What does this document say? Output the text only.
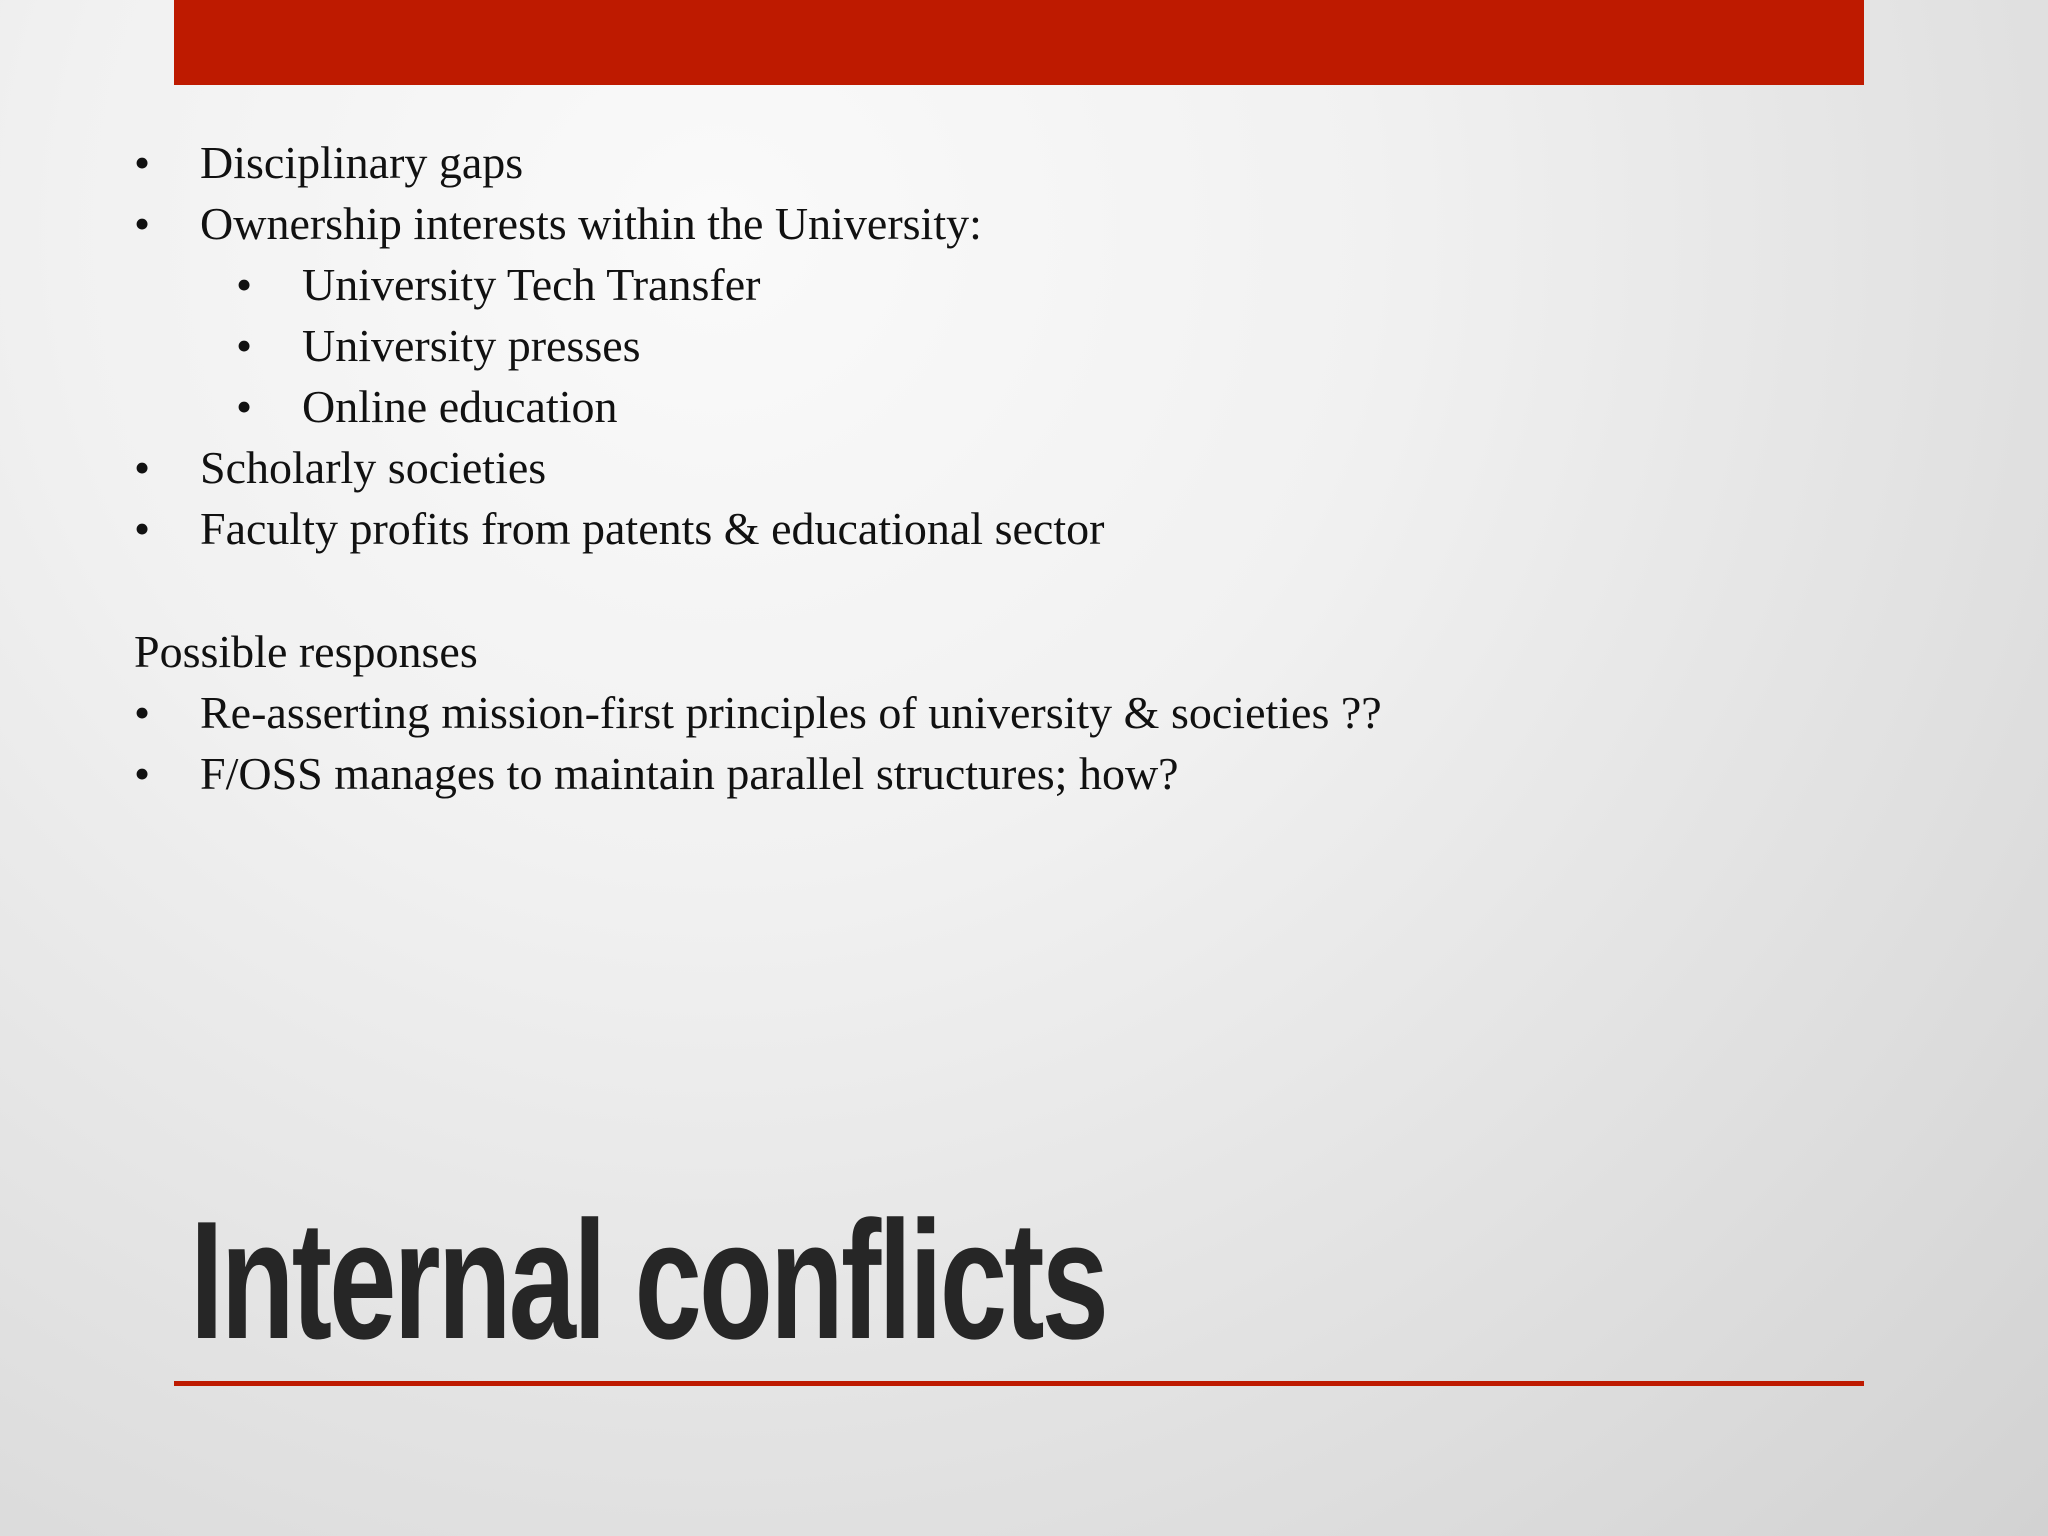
• Disciplinary gaps
• Ownership interests within the University:
• University Tech Transfer
• University presses
• Online education
• Scholarly societies
• Faculty profits from patents & educational sector
Possible responses
• Re-asserting mission-first principles of university & societies ??
• F/OSS manages to maintain parallel structures; how?
Internal conflicts
